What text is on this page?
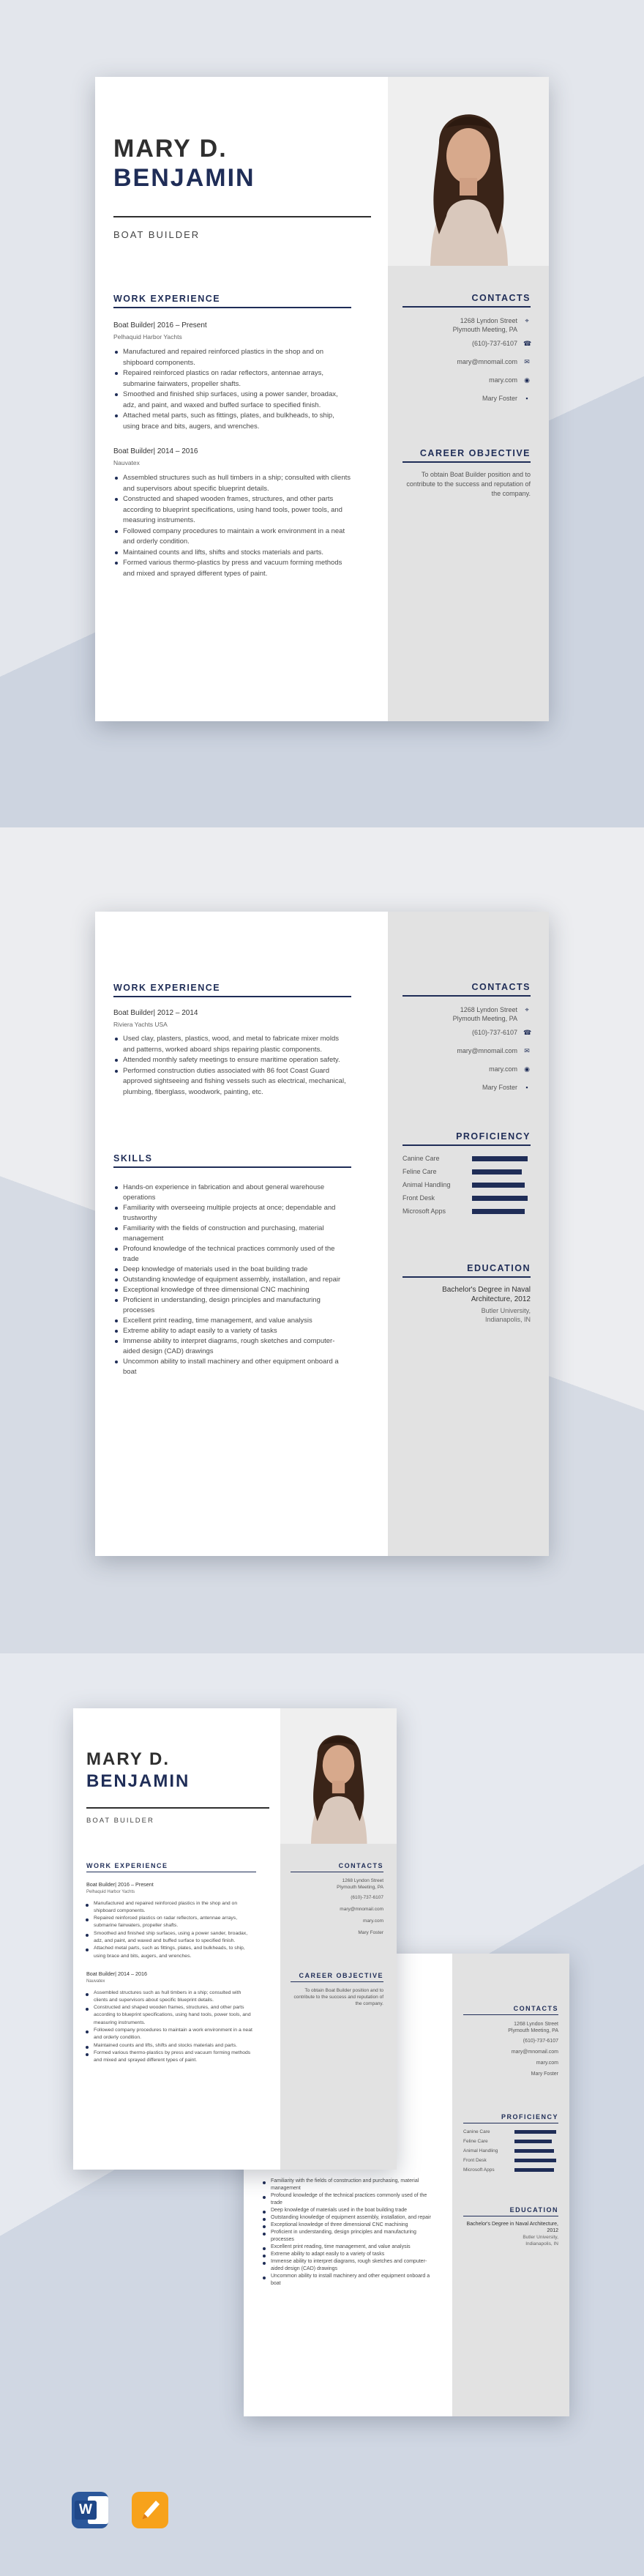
MARY D.
BENJAMIN
BOAT BUILDER
WORK EXPERIENCE
Boat Builder| 2016 – Present
Pelhaquid Harbor Yachts
Manufactured and repaired reinforced plastics in the shop and on shipboard components.
Repaired reinforced plastics on radar reflectors, antennae arrays, submarine fairwaters, propeller shafts.
Smoothed and finished ship surfaces, using a power sander, broadax, adz, and paint, and waxed and buffed surface to specified finish.
Attached metal parts, such as fittings, plates, and bulkheads, to ship, using brace and bits, augers, and wrenches.
Boat Builder| 2014 – 2016
Nauvatex
Assembled structures such as hull timbers in a ship; consulted with clients and supervisors about specific blueprint details.
Constructed and shaped wooden frames, structures, and other parts according to blueprint specifications, using hand tools, power tools, and measuring instruments.
Followed company procedures to maintain a work environment in a neat and orderly condition.
Maintained counts and lifts, shifts and stocks materials and parts.
Formed various thermo-plastics by press and vacuum forming methods and mixed and sprayed different types of paint.
CONTACTS
1268 Lyndon Street
Plymouth Meeting, PA
⌖
(610)-737-6107 ☎
mary@mnomail.com ✉
mary.com ◉
Mary Foster	▪
CAREER OBJECTIVE
To obtain Boat Builder position and to contribute to the success and reputation of the company.
WORK EXPERIENCE
Boat Builder| 2012 – 2014
Riviera Yachts USA
Used clay, plasters, plastics, wood, and metal to fabricate mixer molds and patterns, worked aboard ships repairing plastic components.
Attended monthly safety meetings to ensure maritime operation safety.
Performed construction duties associated with 86 foot Coast Guard approved sightseeing and fishing vessels such as electrical, mechanical, plumbing, fiberglass, woodwork, painting, etc.
SKILLS
Hands-on experience in fabrication and about general warehouse operations
Familiarity with overseeing multiple projects at once; dependable and trustworthy
Familiarity with the fields of construction and purchasing, material management
Profound knowledge of the technical practices commonly used of the trade
Deep knowledge of materials used in the boat building trade
Outstanding knowledge of equipment assembly, installation, and repair
Exceptional knowledge of three dimensional CNC machining
Proficient in understanding, design principles and manufacturing processes
Excellent print reading, time management, and value analysis
Extreme ability to adapt easily to a variety of tasks
Immense ability to interpret diagrams, rough sketches and computer-aided design (CAD) drawings
Uncommon ability to install machinery and other equipment onboard a boat
CONTACTS
1268 Lyndon Street
Plymouth Meeting, PA
⌖
(610)-737-6107 ☎
mary@mnomail.com ✉
mary.com ◉
Mary Foster	▪
PROFICIENCY
Canine Care
Feline Care
Animal Handling
Front Desk
Microsoft Apps
EDUCATION
Bachelor's Degree in Naval Architecture, 2012
Butler University,
Indianapolis, IN
CONTACTS
1268 Lyndon Street
Plymouth Meeting, PA
(610)-737-6107
mary@mnomail.com
mary.com
Mary Foster
PROFICIENCY
Canine Care
Feline Care
Animal Handling
Front Desk
Microsoft Apps
EDUCATION
Bachelor's Degree in Naval Architecture, 2012
Butler University,
Indianapolis, IN
Familiarity with the fields of construction and purchasing, material management
Profound knowledge of the technical practices commonly used of the trade
Deep knowledge of materials used in the boat building trade
Outstanding knowledge of equipment assembly, installation, and repair
Exceptional knowledge of three dimensional CNC machining
Proficient in understanding, design principles and manufacturing processes
Excellent print reading, time management, and value analysis
Extreme ability to adapt easily to a variety of tasks
Immense ability to interpret diagrams, rough sketches and computer-aided design (CAD) drawings
Uncommon ability to install machinery and other equipment onboard a boat
MARY D.
BENJAMIN
BOAT BUILDER
WORK EXPERIENCE
Boat Builder| 2016 – Present
Pelhaquid Harbor Yachts
Manufactured and repaired reinforced plastics in the shop and on shipboard components.
Repaired reinforced plastics on radar reflectors, antennae arrays, submarine fairwaters, propeller shafts.
Smoothed and finished ship surfaces, using a power sander, broadax, adz, and paint, and waxed and buffed surface to specified finish.
Attached metal parts, such as fittings, plates, and bulkheads, to ship, using brace and bits, augers, and wrenches.
Boat Builder| 2014 – 2016
Nauvatex
Assembled structures such as hull timbers in a ship; consulted with clients and supervisors about specific blueprint details.
Constructed and shaped wooden frames, structures, and other parts according to blueprint specifications, using hand tools, power tools, and measuring instruments.
Followed company procedures to maintain a work environment in a neat and orderly condition.
Maintained counts and lifts, shifts and stocks materials and parts.
Formed various thermo-plastics by press and vacuum forming methods and mixed and sprayed different types of paint.
CONTACTS
1268 Lyndon Street
Plymouth Meeting, PA
(610)-737-6107
mary@mnomail.com
mary.com
Mary Foster
CAREER OBJECTIVE
To obtain Boat Builder position and to contribute to the success and reputation of the company.
W
